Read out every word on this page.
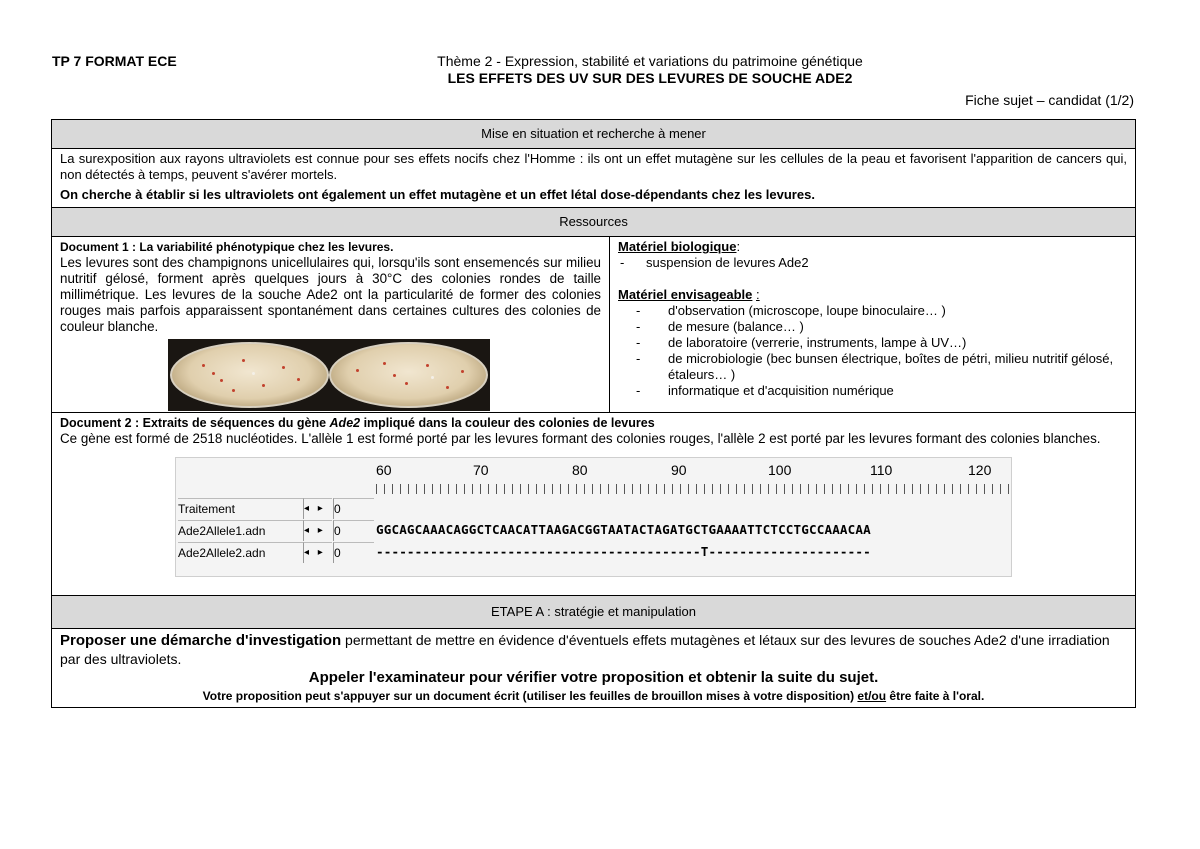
TP 7 FORMAT ECE	Thème 2 - Expression, stabilité et variations du patrimoine génétique
LES EFFETS DES UV SUR DES LEVURES DE SOUCHE ADE2
Fiche sujet – candidat (1/2)
Mise en situation et recherche à mener

La surexposition aux rayons ultraviolets est connue pour ses effets nocifs chez l'Homme : ils ont un effet mutagène sur les cellules de la peau et favorisent l'apparition de cancers qui, non détectés à temps, peuvent s'avérer mortels.
On cherche à établir si les ultraviolets ont également un effet mutagène et un effet létal dose-dépendants chez les levures.

Ressources

Document 1 : La variabilité phénotypique chez les levures.
Les levures sont des champignons unicellulaires qui, lorsqu'ils sont ensemencés sur milieu nutritif gélosé, forment après quelques jours à 30°C des colonies rondes de taille millimétrique. Les levures de la souche Ade2 ont la particularité de former des colonies rouges mais parfois apparaissent spontanément dans certaines cultures des colonies de couleur blanche.

Matériel biologique:
-      suspension de levures Ade2
Matériel envisageable :
- d'observation (microscope, loupe binoculaire… )
- de mesure (balance… )
- de laboratoire (verrerie, instruments, lampe à UV…)
- de microbiologie (bec bunsen électrique, boîtes de pétri, milieu nutritif gélosé, étaleurs… )
- informatique et d'acquisition numérique

Document 2 : Extraits de séquences du gène Ade2 impliqué dans la couleur des colonies de levures
Ce gène est formé de 2518 nucléotides. L'allèle 1 est formé porté par les levures formant des colonies rouges, l'allèle 2 est porté par les levures formant des colonies blanches.
60	70	80	90	100	110	120
Traitement	◂ ▸ 0
Ade2Allele1.adn	◂ ▸ 0	GGCAGCAAACAGGCTCAACATTAAGACGGTAATACTAGATGCTGAAAATTCTCCTGCCAAACAA
Ade2Allele2.adn	◂ ▸ 0	------------------------------------------T---------------------

ETAPE A : stratégie et manipulation

Proposer une démarche d'investigation permettant de mettre en évidence d'éventuels effets mutagènes et létaux sur des levures de souches Ade2 d'une irradiation par des ultraviolets.
Appeler l'examinateur pour vérifier votre proposition et obtenir la suite du sujet.
Votre proposition peut s'appuyer sur un document écrit (utiliser les feuilles de brouillon mises à votre disposition) et/ou être faite à l'oral.
